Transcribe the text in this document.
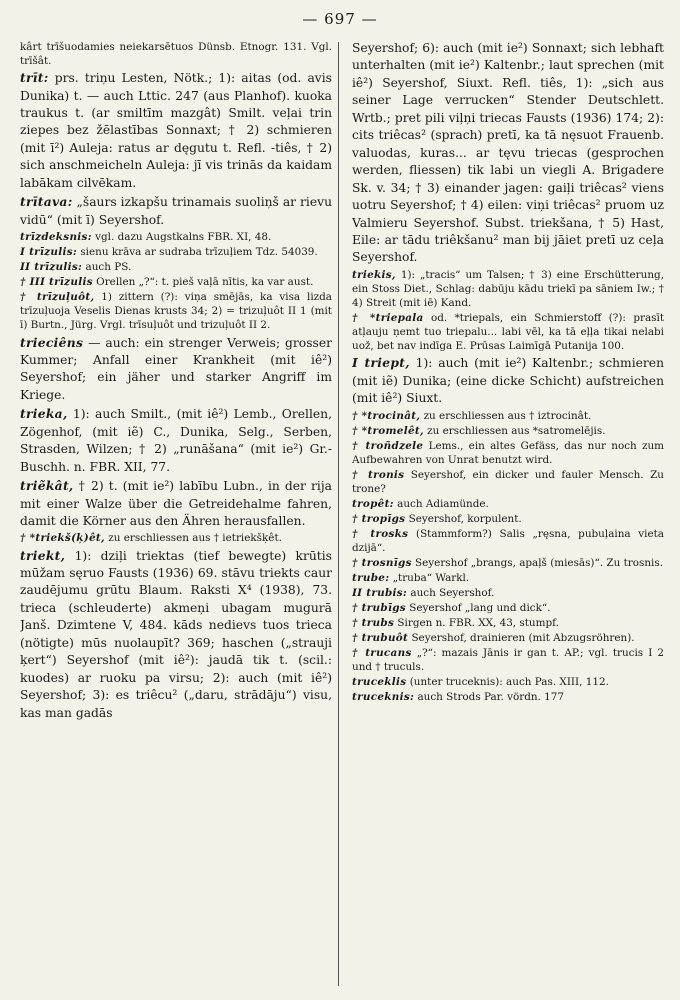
— 697 —

kârt trīšuodamies neiekarsētuos Dünsb. Etnogr. 131. Vgl. trīšât.

trīt: prs. triņu Lesten, Nötk.; 1): aitas (od. avis Dunika) t. — auch Lttic. 247 (aus Planhof). kuoka traukus t. (ar smiltīm mazgât) Smilt. veļai trin ziepes bez žēlastības Sonnaxt; † 2) schmieren (mit ī²) Auleja: ratus ar dęgutu t. Refl. -tiês, † 2) sich anschmeicheln Auleja: jī vis trinās da kaidam labākam cilvēkam.

trītava: „šaurs izkapšu trinamais suoliņš ar rievu vidū“ (mit ī) Seyershof.

trīzdeksnis: vgl. dazu Augstkalns FBR. XI, 48.

I trīzulis: sienu krāva ar sudraba trīzuļiem Tdz. 54039.

II trīzulis: auch PS.

† III trīzulis Orellen „?“: t. pieš vaļā nītis, ka var aust.

† trīzuļuôt, 1) zittern (?): viņa smējās, ka visa lizda trīzuļuoja Veselis Dienas krusts 34; 2) = trizuļuôt II 1 (mit ī) Burtn., Jürg. Vrgl. trīsuļuôt und trizuļuôt II 2.

trieciêns — auch: ein strenger Verweis; grosser Kummer; Anfall einer Krankheit (mit iê²) Seyershof; ein jäher und starker Angriff im Kriege.

trieka, 1): auch Smilt., (mit iê²) Lemb., Orellen, Zögenhof, (mit iẽ) C., Dunika, Selg., Serben, Strasden, Wilzen; † 2) „runāšana“ (mit ie²) Gr.-Buschh. n. FBR. XII, 77.

triẽkât, † 2) t. (mit ie²) labību Lubn., in der rija mit einer Walze über die Getreidehalme fahren, damit die Körner aus den Ähren herausfallen.

† *triekš(ķ)êt, zu erschliessen aus † ietriekšķêt.

triekt, 1): dziļi triektas (tief bewegte) krūtis mūžam sęruo Fausts (1936) 69. stāvu triekts caur zaudējumu grūtu Blaum. Raksti X⁴ (1938), 73. trieca (schleuderte) akmeņi ubagam mugurā Janš. Dzimtene V, 484. kāds nedievs tuos trieca (nötigte) mūs nuolaupīt? 369; haschen („strauji ķert“) Seyershof (mit iê²): jaudā tik t. (scil.: kuodes) ar ruoku pa virsu; 2): auch (mit iê²) Seyershof; 3): es triêcu² („daru, strādāju“) visu, kas man gadās

Seyershof; 6): auch (mit ie²) Sonnaxt; sich lebhaft unterhalten (mit ie²) Kaltenbr.; laut sprechen (mit iê²) Seyershof, Siuxt. Refl. tiês, 1): „sich aus seiner Lage verrucken“ Stender Deutschlett. Wrtb.; pret pili viļņi triecas Fausts (1936) 174; 2): cits triêcas² (sprach) pretī, ka tā nęsuot Frauenb. valuodas, kuras... ar tęvu triecas (gesprochen werden, fliessen) tik labi un viegli A. Brigadere Sk. v. 34; † 3) einander jagen: gaiļi triêcas² viens uotru Seyershof; † 4) eilen: viņi triêcas² pruom uz Valmieru Seyershof. Subst. triekšana, † 5) Hast, Eile: ar tādu triêkšanu² man bij jāiet pretī uz ceļa Seyershof.

triekis, 1): „tracis“ um Talsen; † 3) eine Erschütterung, ein Stoss Diet., Schlag: dabūju kādu triekī pa sāniem Iw.; † 4) Streit (mit iē) Kand.

† *triepala od. *triepals, ein Schmierstoff (?): prasīt atļauju ņemt tuo triepalu... labi vēl, ka tā eļļa tikai nelabi uož, bet nav indīga E. Prūsas Laimīgā Putanija 100.

I triept, 1): auch (mit ie²) Kaltenbr.; schmieren (mit iẽ) Dunika; (eine dicke Schicht) aufstreichen (mit iê²) Siuxt.

† *trocinât, zu erschliessen aus † iztrocinât.

† *tromelêt, zu erschliessen aus *satromelējis.

† troñdzele Lems., ein altes Gefäss, das nur noch zum Aufbewahren von Unrat benutzt wird.

† tronis Seyershof, ein dicker und fauler Mensch. Zu trone?

tropêt: auch Adiamünde.

† tropīgs Seyershof, korpulent.

† trosks (Stammform?) Salis „ręsna, pubuļaina vieta dzijā“.

† trosnīgs Seyershof „brangs, apaļš (miesās)“. Zu trosnis.

trube: „truba“ Warkl.

II trubis: auch Seyershof.

† trubīgs Seyershof „lang und dick“.

† trubs Sirgen n. FBR. XX, 43, stumpf.

† trubuôt Seyershof, drainieren (mit Abzugsröhren).

† trucans „?“: mazais Jānis ir gan t. AP.; vgl. trucis I 2 und † truculs.

truceklis (unter truceknis): auch Pas. XIII, 112.

truceknis: auch Strods Par. vördn. 177
